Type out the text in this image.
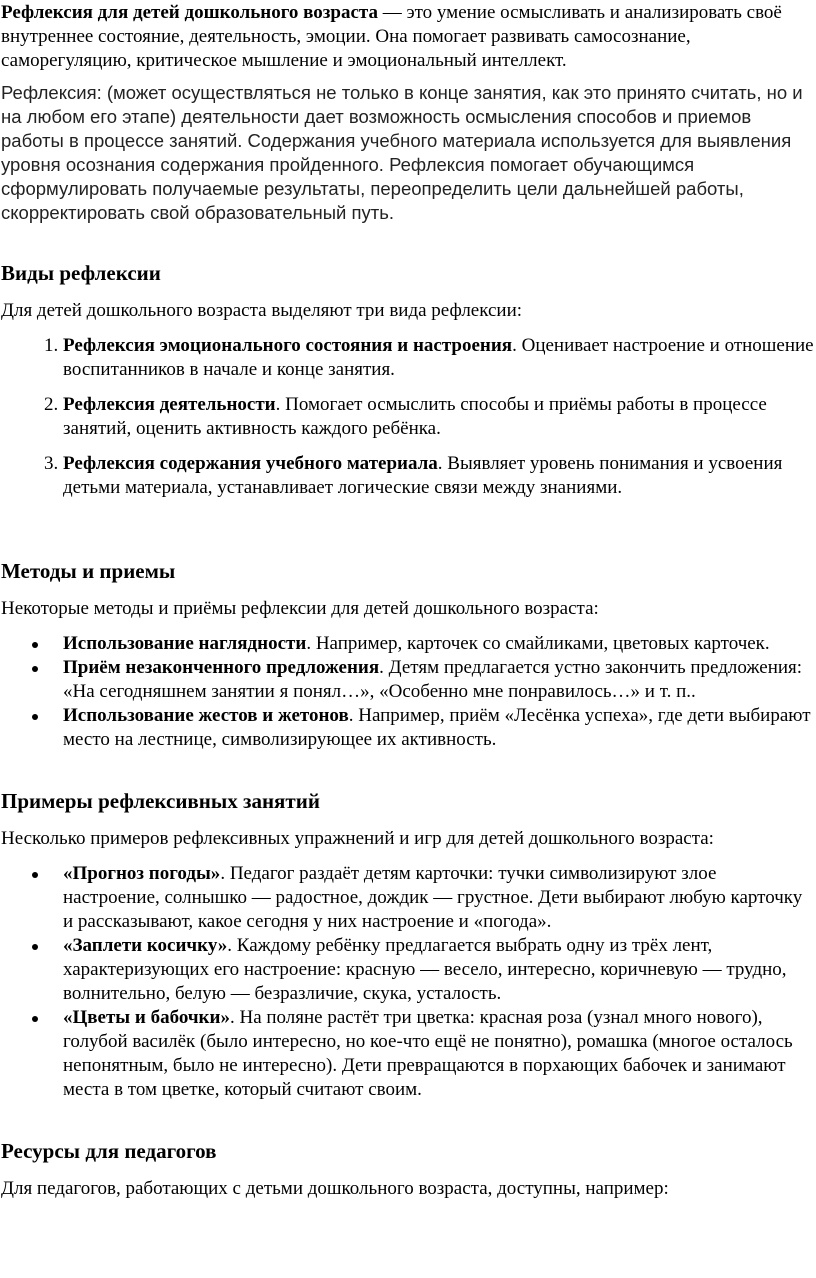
Рефлексия для детей дошкольного возраста — это умение осмысливать и анализировать своё внутреннее состояние, деятельность, эмоции. Она помогает развивать самосознание, саморегуляцию, критическое мышление и эмоциональный интеллект.

Рефлексия: (может осуществляться не только в конце занятия, как это принято считать, но и на любом его этапе) деятельности дает возможность осмысления способов и приемов работы в процессе занятий. Содержания учебного материала используется для выявления уровня осознания содержания пройденного. Рефлексия помогает обучающимся сформулировать получаемые результаты, переопределить цели дальнейшей работы, скорректировать свой образовательный путь.

Виды рефлексии

Для детей дошкольного возраста выделяют три вида рефлексии:

1. Рефлексия эмоционального состояния и настроения. Оценивает настроение и отношение воспитанников в начале и конце занятия.
2. Рефлексия деятельности. Помогает осмыслить способы и приёмы работы в процессе занятий, оценить активность каждого ребёнка.
3. Рефлексия содержания учебного материала. Выявляет уровень понимания и усвоения детьми материала, устанавливает логические связи между знаниями.
Методы и приемы

Некоторые методы и приёмы рефлексии для детей дошкольного возраста:

Использование наглядности. Например, карточек со смайликами, цветовых карточек.
Приём незаконченного предложения. Детям предлагается устно закончить предложения: «На сегодняшнем занятии я понял…», «Особенно мне понравилось…» и т. п..
Использование жестов и жетонов. Например, приём «Лесёнка успеха», где дети выбирают место на лестнице, символизирующее их активность.
Примеры рефлексивных занятий

Несколько примеров рефлексивных упражнений и игр для детей дошкольного возраста:

«Прогноз погоды». Педагог раздаёт детям карточки: тучки символизируют злое настроение, солнышко — радостное, дождик — грустное. Дети выбирают любую карточку и рассказывают, какое сегодня у них настроение и «погода».
«Заплети косичку». Каждому ребёнку предлагается выбрать одну из трёх лент, характеризующих его настроение: красную — весело, интересно, коричневую — трудно, волнительно, белую — безразличие, скука, усталость.
«Цветы и бабочки». На поляне растёт три цветка: красная роза (узнал много нового), голубой василёк (было интересно, но кое-что ещё не понятно), ромашка (многое осталось непонятным, было не интересно). Дети превращаются в порхающих бабочек и занимают места в том цветке, который считают своим.
Ресурсы для педагогов

Для педагогов, работающих с детьми дошкольного возраста, доступны, например:
